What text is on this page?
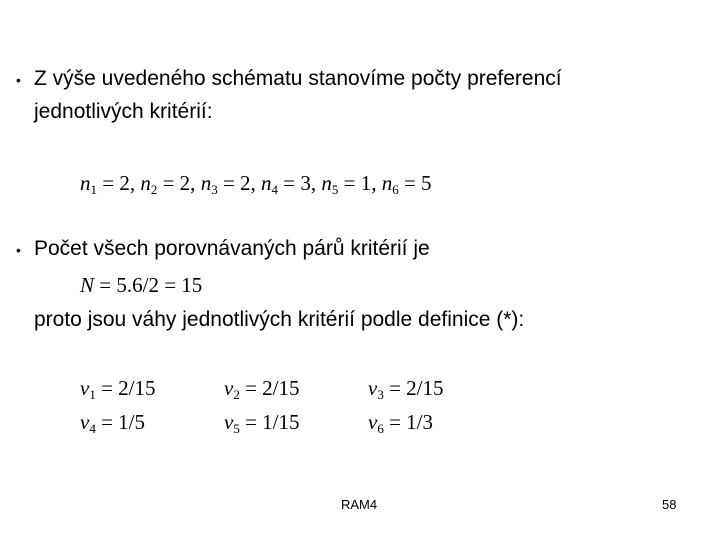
• Z výše uvedeného schématu stanovíme počty preferencí
jednotlivých kritérií:
$n_1 = 2$, $n_2 = 2$, $n_3 = 2$, $n_4 = 3$, $n_5 = 1$, $n_6 = 5$
• Počet všech porovnávaných párů kritérií je
N = 5.6/2 = 15
proto jsou váhy jednotlivých kritérií podle definice (*):
$v_1 = 2/15$	$v_2 = 2/15$	$v_3 = 2/15$
$v_4 = 1/5$	$v_5 = 1/15$	$v_6 = 1/3$
RAM4	58
